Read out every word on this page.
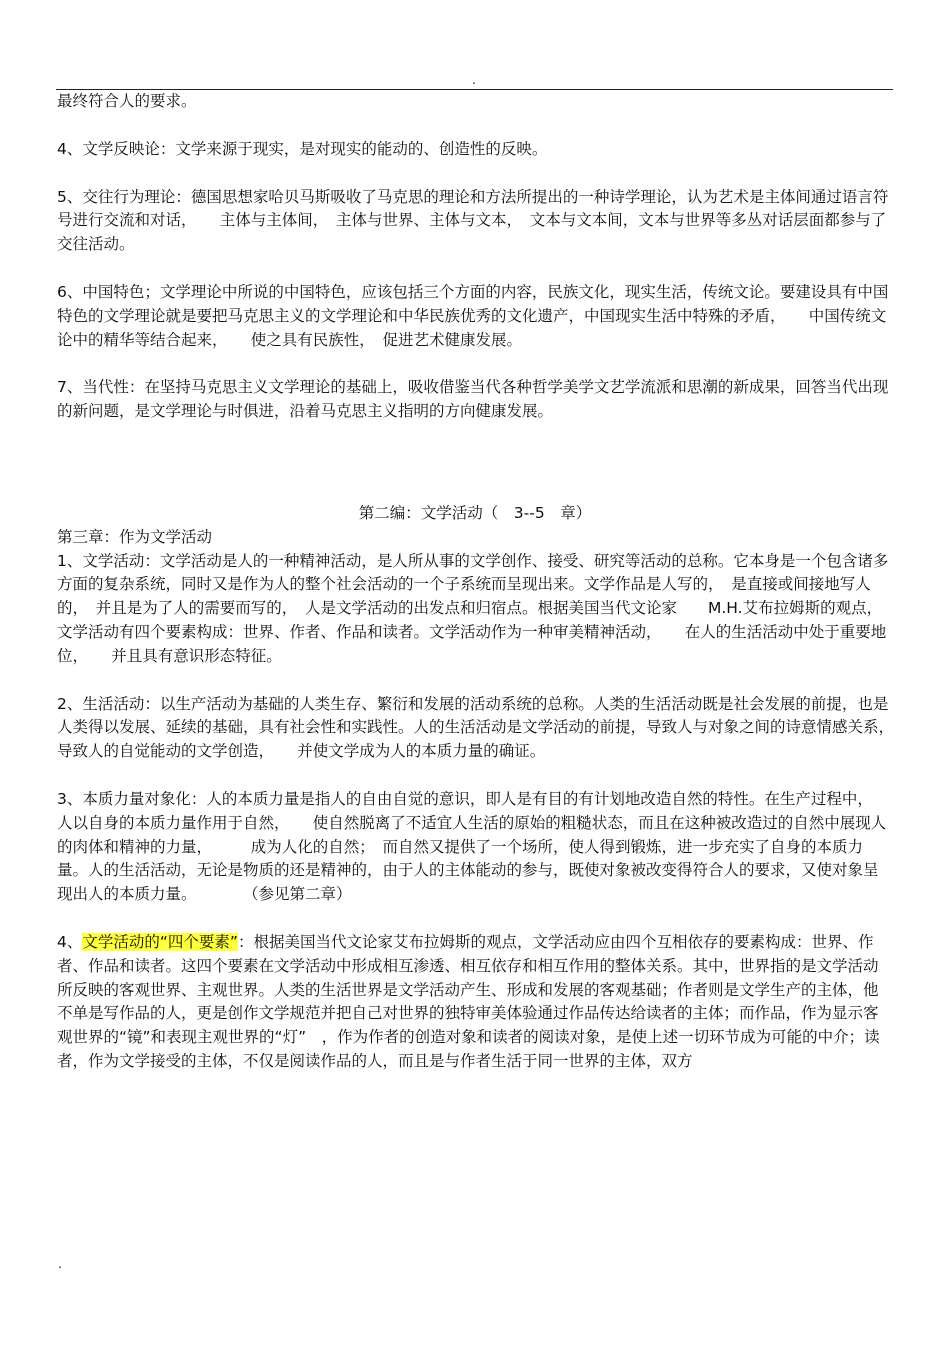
.

最终符合人的要求。

4、文学反映论：文学来源于现实，是对现实的能动的、创造性的反映。

5、交往行为理论：德国思想家哈贝马斯吸收了马克思的理论和方法所提出的一种诗学理论，认为艺术是主体间通过语言符号进行交流和对话，　　主体与主体间，　主体与世界、主体与文本，　文本与文本间，文本与世界等多丛对话层面都参与了交往活动。

6、中国特色；文学理论中所说的中国特色，应该包括三个方面的内容，民族文化，现实生活，传统文论。要建设具有中国特色的文学理论就是要把马克思主义的文学理论和中华民族优秀的文化遗产，中国现实生活中特殊的矛盾，　　中国传统文论中的精华等结合起来，　　使之具有民族性，　促进艺术健康发展。

7、当代性：在坚持马克思主义文学理论的基础上，吸收借鉴当代各种哲学美学文艺学流派和思潮的新成果，回答当代出现的新问题，是文学理论与时俱进，沿着马克思主义指明的方向健康发展。

第二编：文学活动（　3--5　章）

第三章：作为文学活动

1、文学活动：文学活动是人的一种精神活动，是人所从事的文学创作、接受、研究等活动的总称。它本身是一个包含诸多方面的复杂系统，同时又是作为人的整个社会活动的一个子系统而呈现出来。文学作品是人写的，　是直接或间接地写人的，　并且是为了人的需要而写的，　人是文学活动的出发点和归宿点。根据美国当代文论家　　M.H.艾布拉姆斯的观点，文学活动有四个要素构成：世界、作者、作品和读者。文学活动作为一种审美精神活动，　　在人的生活活动中处于重要地位，　　并且具有意识形态特征。

2、生活活动：以生产活动为基础的人类生存、繁衍和发展的活动系统的总称。人类的生活活动既是社会发展的前提，也是人类得以发展、延续的基础，具有社会性和实践性。人的生活活动是文学活动的前提，导致人与对象之间的诗意情感关系，　　导致人的自觉能动的文学创造，　　并使文学成为人的本质力量的确证。

3、本质力量对象化：人的本质力量是指人的自由自觉的意识，即人是有目的有计划地改造自然的特性。在生产过程中，　人以自身的本质力量作用于自然，　　使自然脱离了不适宜人生活的原始的粗糙状态，而且在这种被改造过的自然中展现人的肉体和精神的力量，　　　成为人化的自然；　而自然又提供了一个场所，使人得到锻炼，进一步充实了自身的本质力量。人的生活活动，无论是物质的还是精神的，由于人的主体能动的参与，既使对象被改变得符合人的要求，又使对象呈现出人的本质力量。　　　　（参见第二章）

4、文学活动的“四个要素”：根据美国当代文论家艾布拉姆斯的观点，文学活动应由四个互相依存的要素构成：世界、作者、作品和读者。这四个要素在文学活动中形成相互渗透、相互依存和相互作用的整体关系。其中，世界指的是文学活动所反映的客观世界、主观世界。人类的生活世界是文学活动产生、形成和发展的客观基础；作者则是文学生产的主体，他不单是写作品的人，更是创作文学规范并把自己对世界的独特审美体验通过作品传达给读者的主体；而作品，作为显示客观世界的“镜”和表现主观世界的“灯”　，作为作者的创造对象和读者的阅读对象，是使上述一切环节成为可能的中介；读者，作为文学接受的主体，不仅是阅读作品的人，而且是与作者生活于同一世界的主体，双方

.
